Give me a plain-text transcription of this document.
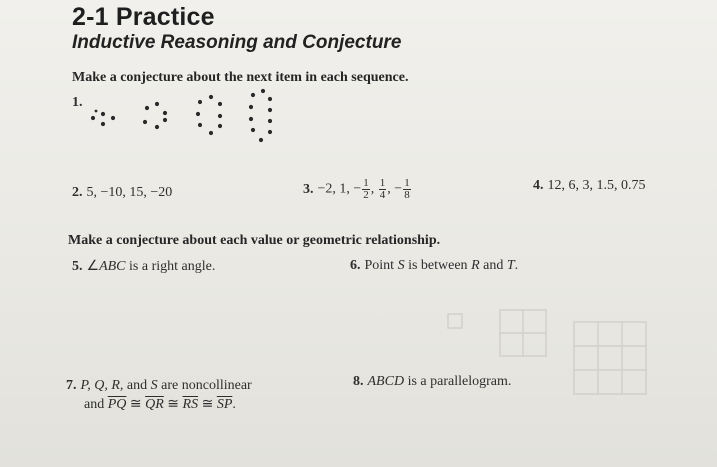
2-1 Practice
Inductive Reasoning and Conjecture
Make a conjecture about the next item in each sequence.
1.
2. 5, −10, 15, −20	3. −2, 1, − $\frac{1}{2}$ , $\frac{1}{4}$ , − $\frac{1}{8}$	4. 12, 6, 3, 1.5, 0.75
Make a conjecture about each value or geometric relationship.
5. ∠ABC is a right angle.	6. Point S is between R and T.
7. P, Q, R, and S are noncollinear
and $\overline{PQ}$ ≅ $\overline{QR}$ ≅ $\overline{RS}$ ≅ $\overline{SP}$.
8. ABCD is a parallelogram.
